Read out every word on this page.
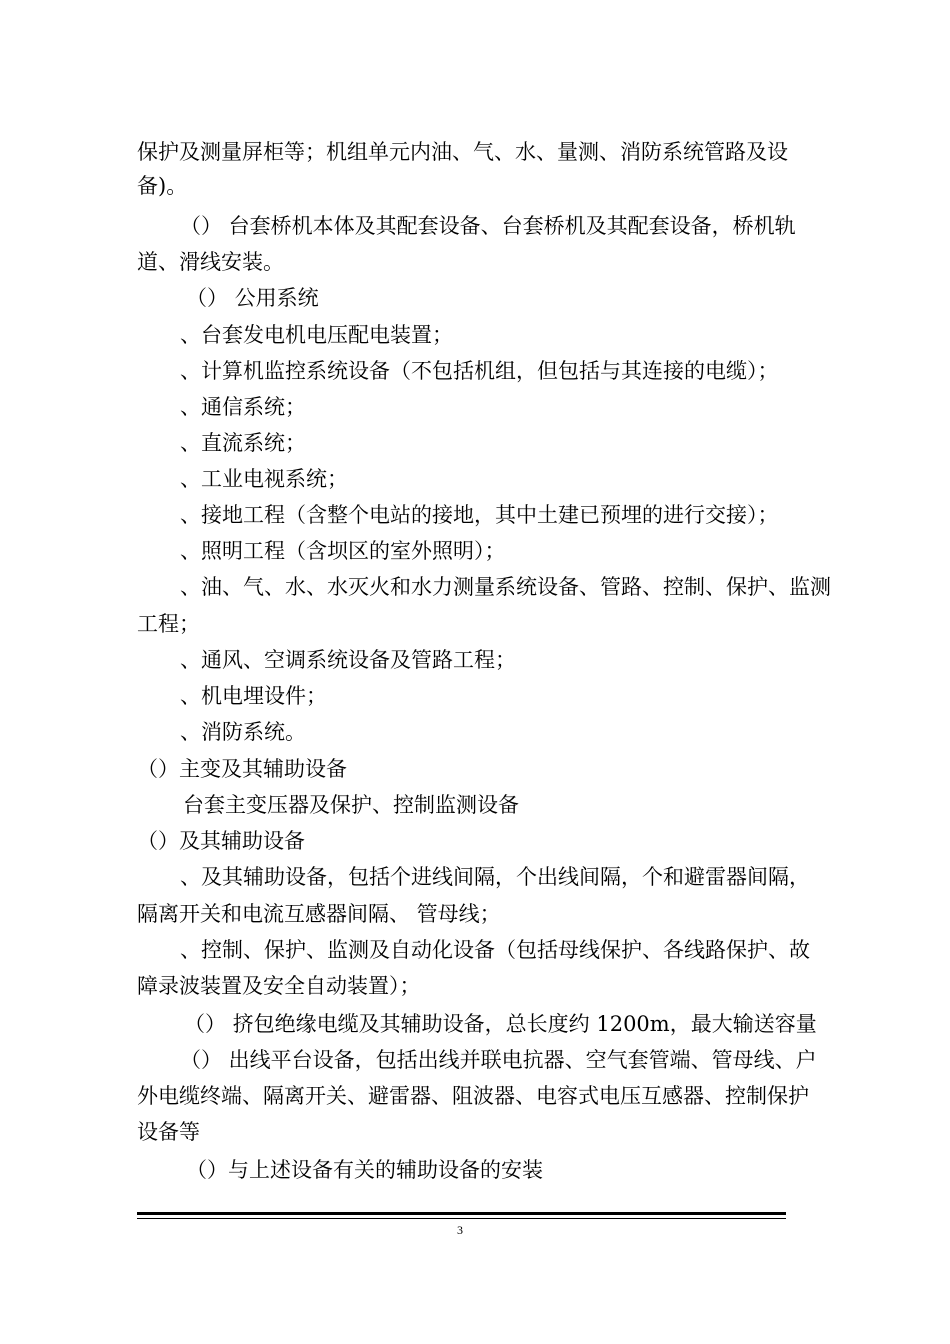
保护及测量屏柜等；机组单元内油、气、水、量测、消防系统管路及设
备)。
（） 台套桥机本体及其配套设备、台套桥机及其配套设备，桥机轨
道、滑线安装。
（） 公用系统
、台套发电机电压配电装置；
、计算机监控系统设备（不包括机组，但包括与其连接的电缆）；
、通信系统；
、直流系统；
、工业电视系统；
、接地工程（含整个电站的接地，其中土建已预埋的进行交接）；
、照明工程（含坝区的室外照明）；
、油、气、水、水灭火和水力测量系统设备、管路、控制、保护、监测
工程；
、通风、空调系统设备及管路工程；
、机电埋设件；
、消防系统。
（）主变及其辅助设备
台套主变压器及保护、控制监测设备
（）及其辅助设备
、及其辅助设备，包括个进线间隔，个出线间隔，个和避雷器间隔，
隔离开关和电流互感器间隔、 管母线；
、控制、保护、监测及自动化设备（包括母线保护、各线路保护、故
障录波装置及安全自动装置）；
（） 挤包绝缘电缆及其辅助设备，总长度约 1200m，最大输送容量
（） 出线平台设备，包括出线并联电抗器、空气套管端、管母线、户
外电缆终端、隔离开关、避雷器、阻波器、电容式电压互感器、控制保护
设备等
（）与上述设备有关的辅助设备的安装
3
